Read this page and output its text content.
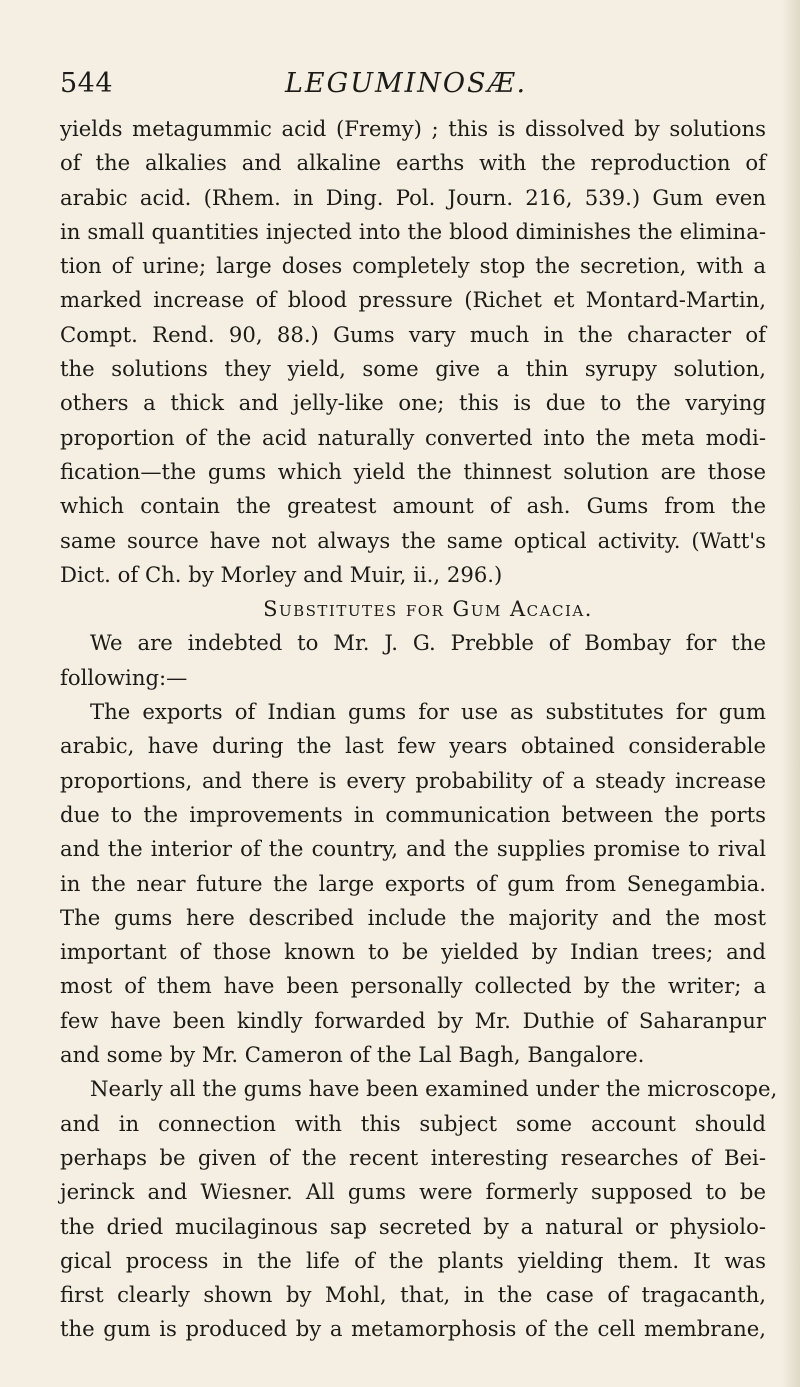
544	LEGUMINOSÆ.
yields metagummic acid (Fremy) ; this is dissolved by solutions
of the alkalies and alkaline earths with the reproduction of
arabic acid. (Rhem. in Ding. Pol. Journ. 216, 539.) Gum even
in small quantities injected into the blood diminishes the elimina-
tion of urine; large doses completely stop the secretion, with a
marked increase of blood pressure (Richet et Montard-Martin,
Compt. Rend. 90, 88.) Gums vary much in the character of
the solutions they yield, some give a thin syrupy solution,
others a thick and jelly-like one; this is due to the varying
proportion of the acid naturally converted into the meta modi-
fication—the gums which yield the thinnest solution are those
which contain the greatest amount of ash. Gums from the
same source have not always the same optical activity. (Watt's
Dict. of Ch. by Morley and Muir, ii., 296.)
Substitutes for Gum Acacia.
We are indebted to Mr. J. G. Prebble of Bombay for the
following:—
The exports of Indian gums for use as substitutes for gum
arabic, have during the last few years obtained considerable
proportions, and there is every probability of a steady increase
due to the improvements in communication between the ports
and the interior of the country, and the supplies promise to rival
in the near future the large exports of gum from Senegambia.
The gums here described include the majority and the most
important of those known to be yielded by Indian trees; and
most of them have been personally collected by the writer; a
few have been kindly forwarded by Mr. Duthie of Saharanpur
and some by Mr. Cameron of the Lal Bagh, Bangalore.
Nearly all the gums have been examined under the microscope,
and in connection with this subject some account should
perhaps be given of the recent interesting researches of Bei-
jerinck and Wiesner. All gums were formerly supposed to be
the dried mucilaginous sap secreted by a natural or physiolo-
gical process in the life of the plants yielding them. It was
first clearly shown by Mohl, that, in the case of tragacanth,
the gum is produced by a metamorphosis of the cell membrane,
